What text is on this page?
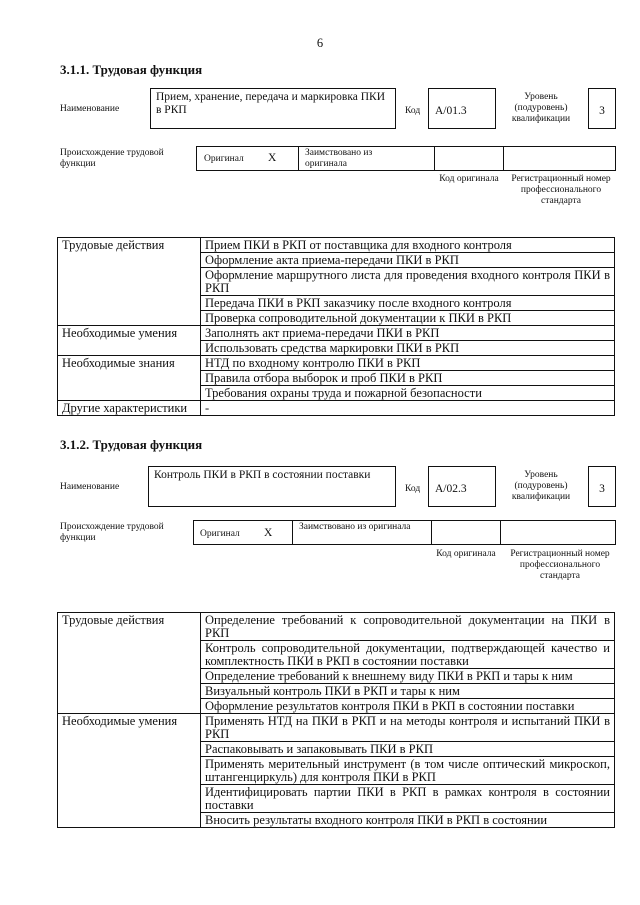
6
3.1.1. Трудовая функция
Наименование
Прием, хранение, передача и маркировка ПКИ в РКП	Код	А/01.3
Уровень (подуровень) квалификации
3
Происхождение трудовой функции	Оригинал X	Заимствовано из оригинала
Код оригинала	Регистрационный номер профессионального стандарта
Трудовые действия	Прием ПКИ в РКП от поставщика для входного контроля
	Оформление акта приема-передачи ПКИ в РКП
	Оформление маршрутного листа для проведения входного контроля ПКИ в РКП
	Передача ПКИ в РКП заказчику после входного контроля
	Проверка сопроводительной документации к ПКИ в РКП
Необходимые умения	Заполнять акт приема-передачи ПКИ в РКП
	Использовать средства маркировки ПКИ в РКП
Необходимые знания	НТД по входному контролю ПКИ в РКП
	Правила отбора выборок и проб ПКИ в РКП
	Требования охраны труда и пожарной безопасности
Другие характеристики	-
3.1.2. Трудовая функция
Наименование
Контроль ПКИ в РКП в состоянии поставки
Код	А/02.3
Уровень (подуровень) квалификации
3
Происхождение трудовой функции	Оригинал X	Заимствовано из оригинала
Код оригинала	Регистрационный номер профессионального стандарта
Трудовые действия	Определение требований к сопроводительной документации на ПКИ в РКП
	Контроль сопроводительной документации, подтверждающей качество и комплектность ПКИ в РКП в состоянии поставки
	Определение требований к внешнему виду ПКИ в РКП и тары к ним
	Визуальный контроль ПКИ в РКП и тары к ним
	Оформление результатов контроля ПКИ в РКП в состоянии поставки
Необходимые умения	Применять НТД на ПКИ в РКП и на методы контроля и испытаний ПКИ в РКП
	Распаковывать и запаковывать ПКИ в РКП
	Применять мерительный инструмент (в том числе оптический микроскоп, штангенциркуль) для контроля ПКИ в РКП
	Идентифицировать партии ПКИ в РКП в рамках контроля в состоянии поставки
	Вносить результаты входного контроля ПКИ в РКП в состоянии
